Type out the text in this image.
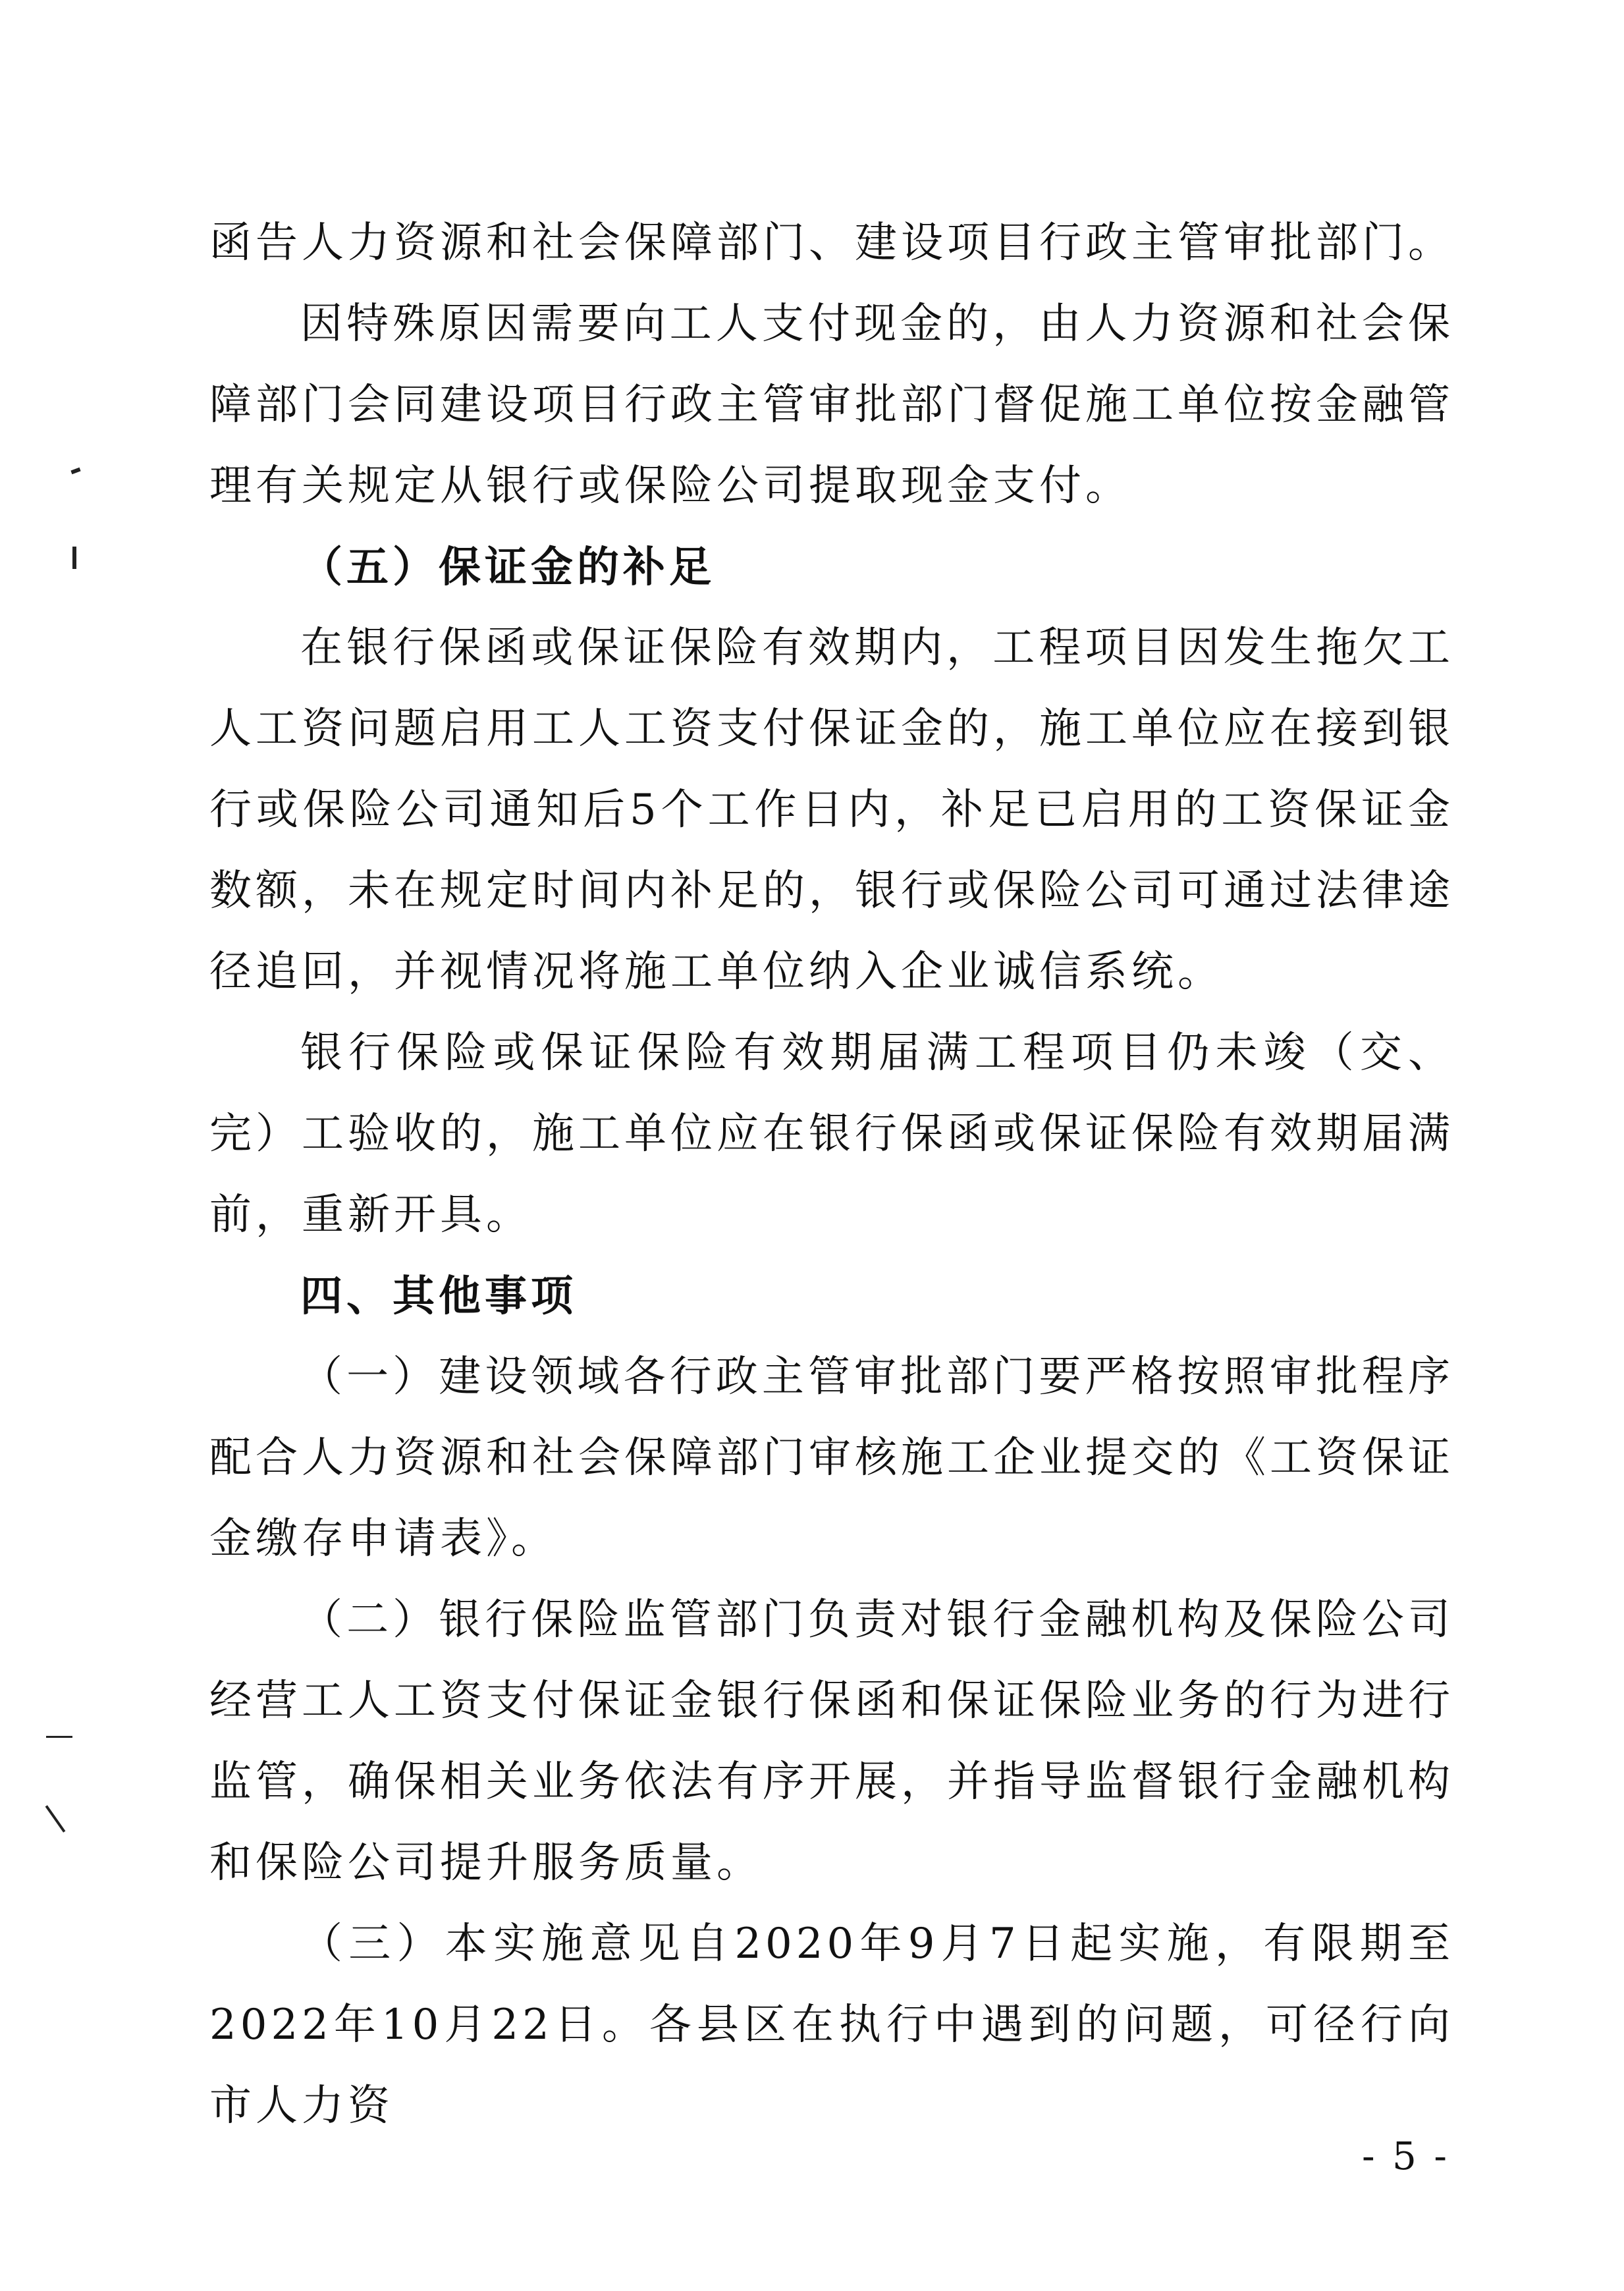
函告人力资源和社会保障部门、建设项目行政主管审批部门。

因特殊原因需要向工人支付现金的，由人力资源和社会保障部门会同建设项目行政主管审批部门督促施工单位按金融管理有关规定从银行或保险公司提取现金支付。

（五）保证金的补足

在银行保函或保证保险有效期内，工程项目因发生拖欠工人工资问题启用工人工资支付保证金的，施工单位应在接到银行或保险公司通知后5个工作日内，补足已启用的工资保证金数额，未在规定时间内补足的，银行或保险公司可通过法律途径追回，并视情况将施工单位纳入企业诚信系统。

银行保险或保证保险有效期届满工程项目仍未竣（交、完）工验收的，施工单位应在银行保函或保证保险有效期届满前，重新开具。

四、其他事项

（一）建设领域各行政主管审批部门要严格按照审批程序配合人力资源和社会保障部门审核施工企业提交的《工资保证金缴存申请表》。

（二）银行保险监管部门负责对银行金融机构及保险公司经营工人工资支付保证金银行保函和保证保险业务的行为进行监管，确保相关业务依法有序开展，并指导监督银行金融机构和保险公司提升服务质量。

（三）本实施意见自2020年9月7日起实施，有限期至2022年10月22日。各县区在执行中遇到的问题，可径行向市人力资

- 5 -
